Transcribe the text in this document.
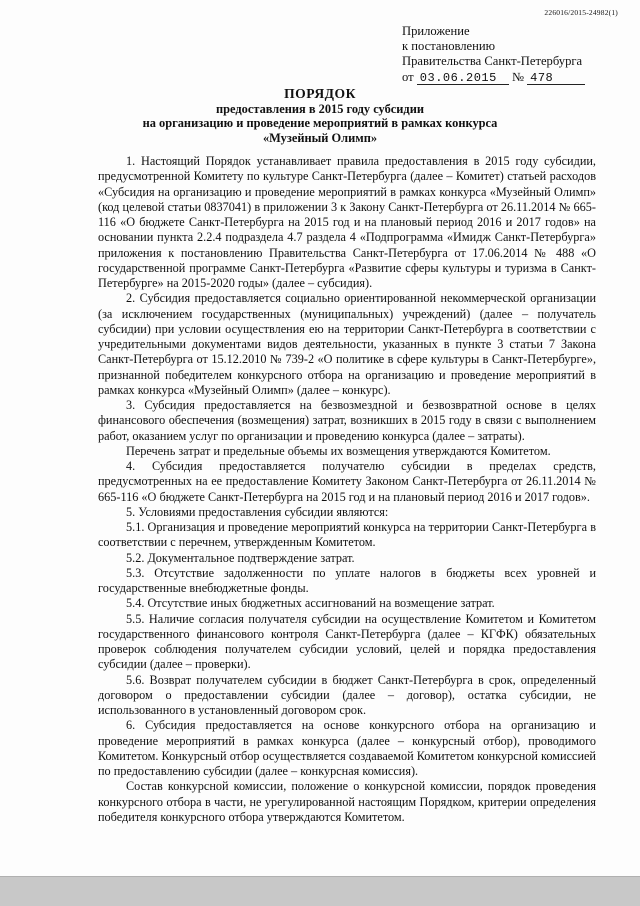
226016/2015-24982(1)
Приложение
к постановлению
Правительства Санкт-Петербурга
от 03.06.2015 № 478
ПОРЯДОК
предоставления в 2015 году субсидии
на организацию и проведение мероприятий в рамках конкурса
«Музейный Олимп»

1. Настоящий Порядок устанавливает правила предоставления в 2015 году субсидии, предусмотренной Комитету по культуре Санкт-Петербурга (далее – Комитет) статьей расходов «Субсидия на организацию и проведение мероприятий в рамках конкурса «Музейный Олимп» (код целевой статьи 0837041) в приложении 3 к Закону Санкт-Петербурга от 26.11.2014 № 665-116 «О бюджете Санкт-Петербурга на 2015 год и на плановый период 2016 и 2017 годов» на основании пункта 2.2.4 подраздела 4.7 раздела 4 «Подпрограмма «Имидж Санкт-Петербурга» приложения к постановлению Правительства Санкт-Петербурга от 17.06.2014 № 488 «О государственной программе Санкт-Петербурга «Развитие сферы культуры и туризма в Санкт-Петербурге» на 2015-2020 годы» (далее – субсидия).

2. Субсидия предоставляется социально ориентированной некоммерческой организации (за исключением государственных (муниципальных) учреждений) (далее – получатель субсидии) при условии осуществления ею на территории Санкт-Петербурга в соответствии с учредительными документами видов деятельности, указанных в пункте 3 статьи 7 Закона Санкт-Петербурга от 15.12.2010 № 739-2 «О политике в сфере культуры в Санкт-Петербурге», признанной победителем конкурсного отбора на организацию и проведение мероприятий в рамках конкурса «Музейный Олимп» (далее – конкурс).

3. Субсидия предоставляется на безвозмездной и безвозвратной основе в целях финансового обеспечения (возмещения) затрат, возникших в 2015 году в связи с выполнением работ, оказанием услуг по организации и проведению конкурса (далее – затраты).

Перечень затрат и предельные объемы их возмещения утверждаются Комитетом.

4. Субсидия предоставляется получателю субсидии в пределах средств, предусмотренных на ее предоставление Комитету Законом Санкт-Петербурга от 26.11.2014 № 665-116 «О бюджете Санкт-Петербурга на 2015 год и на плановый период 2016 и 2017 годов».

5. Условиями предоставления субсидии являются:

5.1. Организация и проведение мероприятий конкурса на территории Санкт-Петербурга в соответствии с перечнем, утвержденным Комитетом.

5.2. Документальное подтверждение затрат.

5.3. Отсутствие задолженности по уплате налогов в бюджеты всех уровней и государственные внебюджетные фонды.

5.4. Отсутствие иных бюджетных ассигнований на возмещение затрат.

5.5. Наличие согласия получателя субсидии на осуществление Комитетом и Комитетом государственного финансового контроля Санкт-Петербурга (далее – КГФК) обязательных проверок соблюдения получателем субсидии условий, целей и порядка предоставления субсидии (далее – проверки).

5.6. Возврат получателем субсидии в бюджет Санкт-Петербурга в срок, определенный договором о предоставлении субсидии (далее – договор), остатка субсидии, не использованного в установленный договором срок.

6. Субсидия предоставляется на основе конкурсного отбора на организацию и проведение мероприятий в рамках конкурса (далее – конкурсный отбор), проводимого Комитетом. Конкурсный отбор осуществляется создаваемой Комитетом конкурсной комиссией по предоставлению субсидии (далее – конкурсная комиссия).

Состав конкурсной комиссии, положение о конкурсной комиссии, порядок проведения конкурсного отбора в части, не урегулированной настоящим Порядком, критерии определения победителя конкурсного отбора утверждаются Комитетом.
